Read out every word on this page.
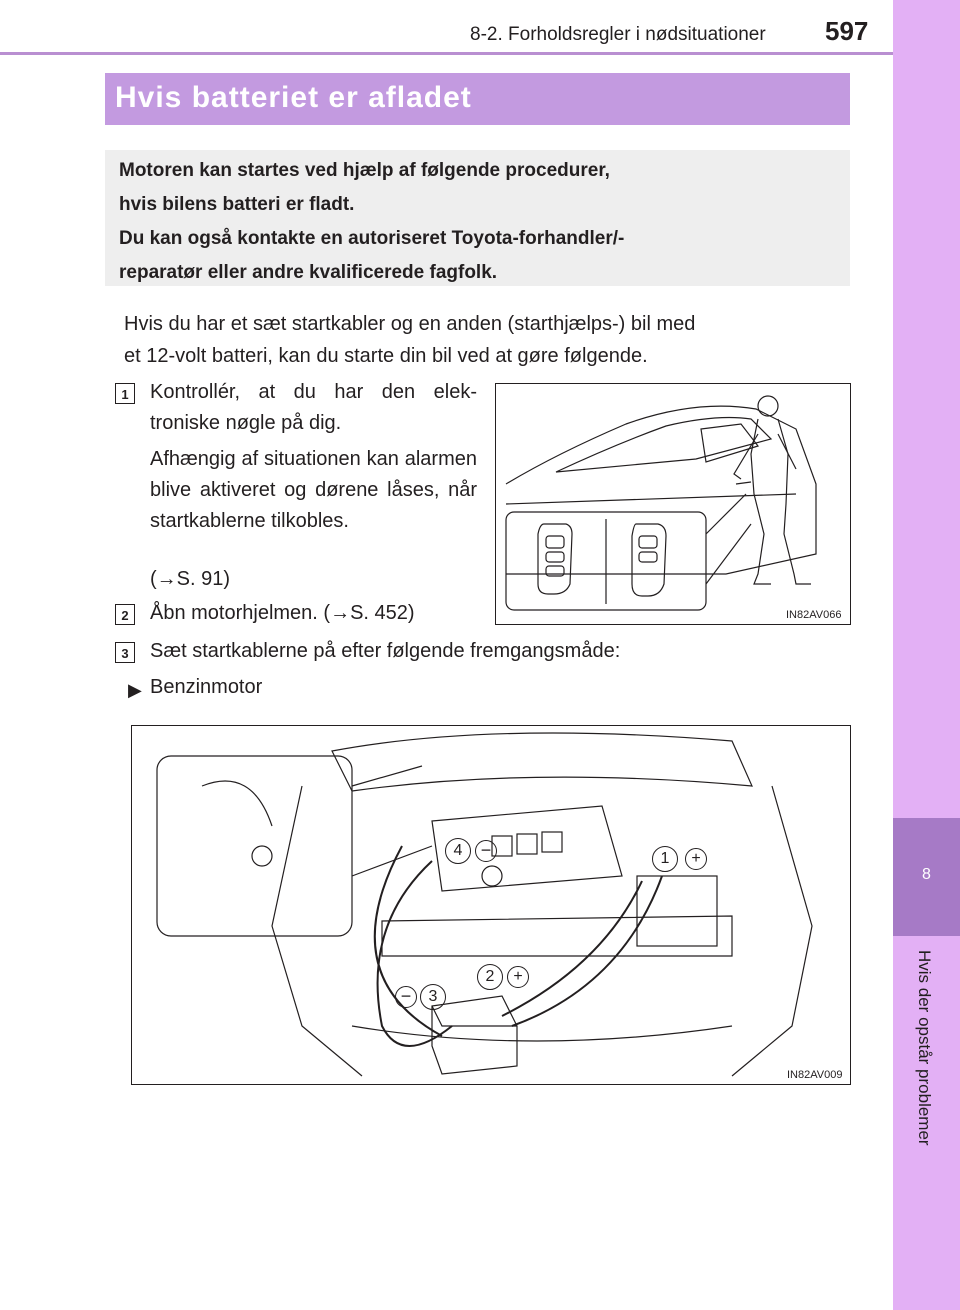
8-2. Forholdsregler i nødsituationer 597
8
Hvis der opstår problemer
Hvis batteriet er afladet

Motoren kan startes ved hjælp af følgende procedurer,
hvis bilens batteri er fladt.
Du kan også kontakte en autoriseret Toyota-forhandler/-
reparatør eller andre kvalificerede fagfolk.

Hvis du har et sæt startkabler og en anden (starthjælps-) bil med
et 12-volt batteri, kan du starte din bil ved at gøre følgende.

1	Kontrollér, at du har den elek-troniske nøgle på dig.

Afhængig af situationen kan alarmen blive aktiveret og dørene låses, når startkablerne tilkobles.

(→S. 91)

2	Åbn motorhjelmen. (→S. 452)

3	Sæt startkablerne på efter følgende fremgangsmåde:

▶ Benzinmotor
IN82AV066
1	+
2	+
3
−
4	−
IN82AV009
